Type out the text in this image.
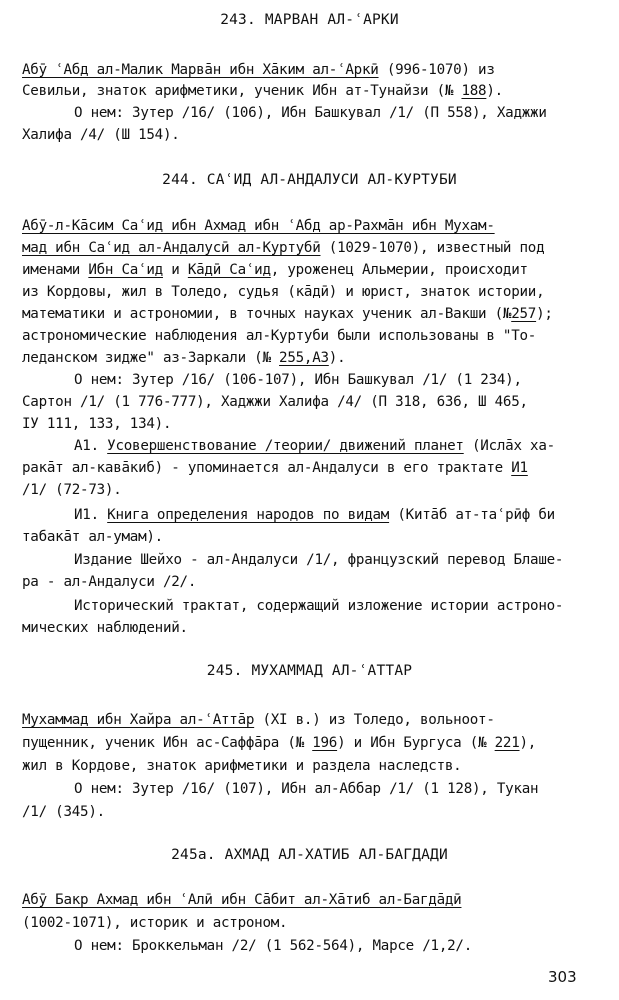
243. МАРВАН АЛ-ʿАРКИ
Абӯ ʿАбд ал-Малик Марвāн ибн Хāким ал-ʿАркӣ (996-1070) из
Севильи, знаток арифметики, ученик Ибн ат-Тунайзи (№ 188).
О нем: Зутер /16/ (106), Ибн Башкувал /1/ (П 558), Хаджжи
Халифа /4/ (Ш 154).
244. САʿИД АЛ-АНДАЛУСИ АЛ-КУРТУБИ
Абӯ-л-Кāсим Саʿид ибн Ахмад ибн ʿАбд ар-Рахмāн ибн Мухам-
мад ибн Саʿид ал-Андалусӣ ал-Куртубӣ (1029-1070), известный под
именами Ибн Саʿид и Кāдӣ Саʿид, уроженец Альмерии, происходит
из Кордовы, жил в Толедо, судья (кāдӣ) и юрист, знаток истории,
математики и астрономии, в точных науках ученик ал-Вакши (№257);
астрономические наблюдения ал-Куртуби были использованы в "То-
леданском зидже" аз-Заркали (№ 255,A3).
О нем: Зутер /16/ (106-107), Ибн Башкувал /1/ (1 234),
Сартон /1/ (1 776-777), Хаджжи Халифа /4/ (П 318, 636, Ш 465,
IУ 111, 133, 134).
A1. Усовершенствование /теории/ движений планет (Ислāх ха-
ракāт ал-кавāкиб) - упоминается ал-Андалуси в его трактате И1
/1/ (72-73).
И1. Книга определения народов по видам (Китāб ат-таʿрӣф би
табакāт ал-умам).
Издание Шейхо - ал-Андалуси /1/, французский перевод Блаше-
ра - ал-Андалуси /2/.
Исторический трактат, содержащий изложение истории астроно-
мических наблюдений.
245. МУХАММАД АЛ-ʿАТТАР
Мухаммад ибн Хайра ал-ʿАттāр (XI в.) из Толедо, вольноот-
пущенник, ученик Ибн ас-Саффāра (№ 196) и Ибн Бургуса (№ 221),
жил в Кордове, знаток арифметики и раздела наследств.
О нем: Зутер /16/ (107), Ибн ал-Аббар /1/ (1 128), Тукан
/1/ (345).
245а. АХМАД АЛ-ХАТИБ АЛ-БАГДАДИ
Абӯ Бакр Ахмад ибн ʿАлӣ ибн Сāбит ал-Хāтиб ал-Багдāдӣ
(1002-1071), историк и астроном.
О нем: Броккельман /2/ (1 562-564), Марсе /1,2/.
303
